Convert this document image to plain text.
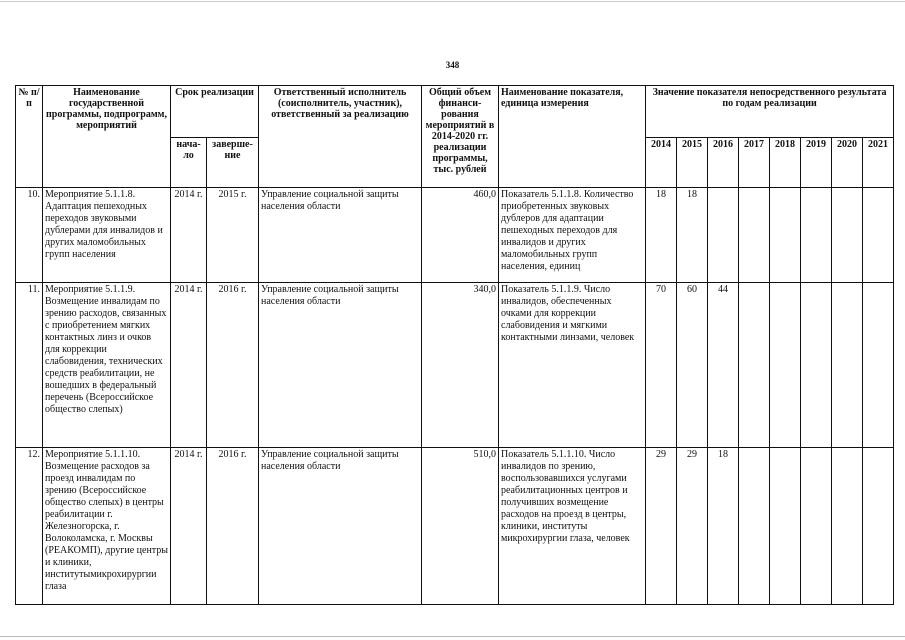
348
№ п/п	Наименование государственной программы, подпрограмм, мероприятий	Срок реализации		Ответственный исполнитель (соисполнитель, участник), ответственный за реализацию	Общий объем финанси-рования мероприятий в 2014-2020 гг. реализации программы, тыс. рублей	Наименование показателя, единица измерения	Значение показателя непосредственного результата по годам реализации							
		нача-ло	заверше-ние				2014	2015	2016	2017	2018	2019	2020	2021
10.	Мероприятие 5.1.1.8. Адаптация пешеходных переходов звуковыми дублерами для инвалидов и других маломобильных групп населения	2014 г.	2015 г.	Управление социальной защиты населения области	460,0	Показатель 5.1.1.8. Количество приобретенных звуковых дублеров для адаптации пешеходных переходов для инвалидов и других маломобильных групп населения, единиц	18	18						
11.	Мероприятие 5.1.1.9. Возмещение инвалидам по зрению расходов, связанных с приобретением мягких контактных линз и очков для коррекции слабовидения, технических средств реабилитации, не вошедших в федеральный перечень (Всероссийское общество слепых)	2014 г.	2016 г.	Управление социальной защиты населения области	340,0	Показатель 5.1.1.9. Число инвалидов, обеспеченных очками для коррекции слабовидения и мягкими контактными линзами, человек	70	60	44					
12.	Мероприятие 5.1.1.10. Возмещение расходов за проезд инвалидам по зрению (Всероссийское общество слепых) в центры реабилитации г. Железногорска, г. Волоколамска, г. Москвы (РЕАКОМП), другие центры и клиники, институтымикрохирургии глаза	2014 г.	2016 г.	Управление социальной защиты населения области	510,0	Показатель 5.1.1.10. Число инвалидов по зрению, воспользовавшихся услугами реабилитационных центров и получивших возмещение расходов на проезд в центры, клиники, институты микрохирургии глаза, человек	29	29	18					
